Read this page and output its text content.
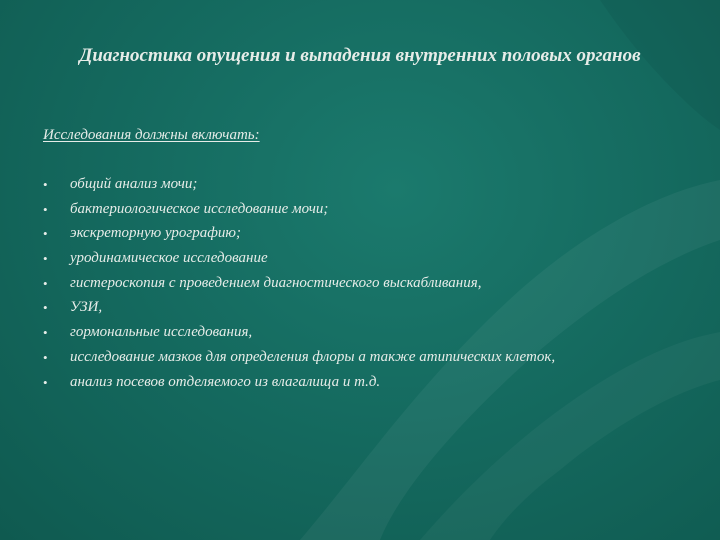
Диагностика опущения и выпадения внутренних половых органов
Исследования должны включать:
• общий анализ мочи;
• бактериологическое исследование мочи;
• экскреторную урографию;
• уродинамическое исследование
• гистероскопия с проведением диагностического выскабливания,
• УЗИ,
• гормональные исследования,
• исследование мазков для определения флоры а также атипических клеток,
• анализ посевов отделяемого из влагалища и т.д.
